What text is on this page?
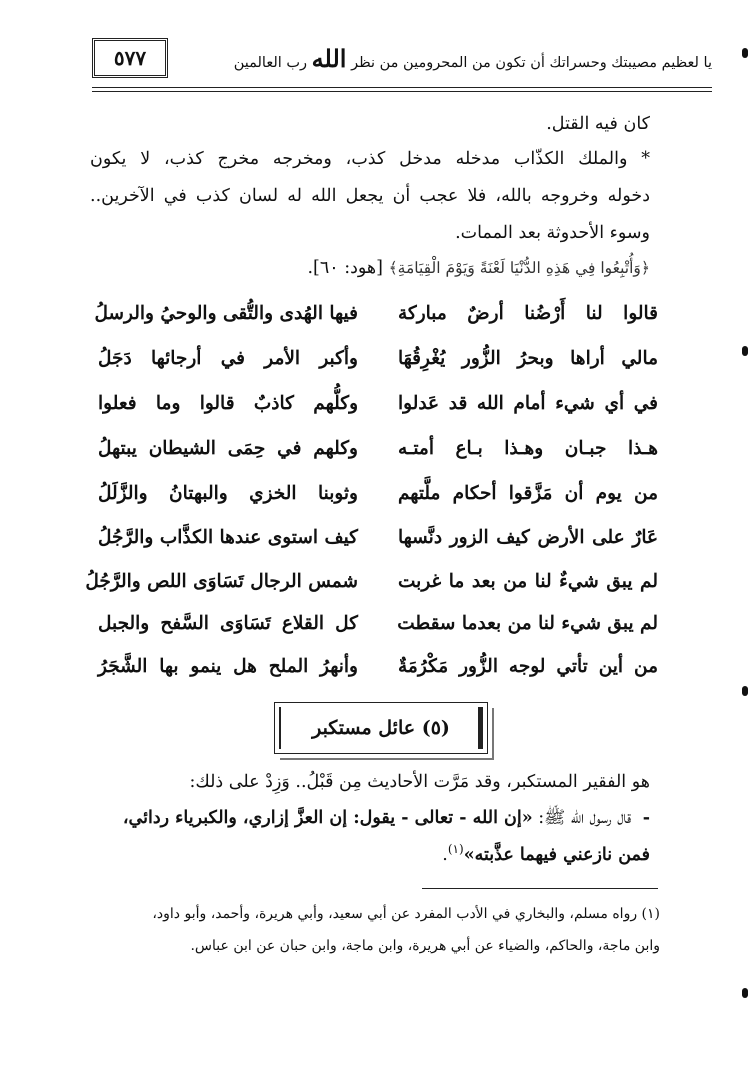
٥٧٧	يا لعظيم مصيبتك وحسراتك أن تكون من المحرومين من نظر الله رب العالمين
كان فيه القتل.
* والملك الكذّاب مدخله مدخل كذب، ومخرجه مخرج كذب، لا يكون
دخوله وخروجه بالله، فلا عجب أن يجعل الله له لسان كذب في الآخرين..
وسوء الأحدوثة بعد الممات.
﴿وَأُتْبِعُوا فِي هَذِهِ الدُّنْيَا لَعْنَةً وَيَوْمَ الْقِيَامَةِ﴾ [هود: ٦٠].
قالوا لنا أَرْضُنا أرضٌ مباركة
فيها الهُدى والتُّقى والوحيُ والرسلُ
مالي أراها وبحرُ الزُّور يُغْرِقُهَا
وأكبر الأمر في أرجائها دَجَلُ
في أي شيء أمام الله قد عَدلوا
وكلُّهم كاذبٌ قالوا وما فعلوا
هـذا جبـان وهـذا بـاع أمتـه
وكلهم في حِمَى الشيطان يبتهلُ
من يوم أن مَزَّقوا أحكام ملَّتهم
وثوبنا الخزي والبهتانُ والزَّلَلُ
عَارٌ على الأرض كيف الزور دنَّسها
كيف استوى عندها الكذَّاب والرَّجُلُ
لم يبق شيءٌ لنا من بعد ما غربت
شمس الرجال تَسَاوَى اللص والرَّجُلُ
لم يبق شيء لنا من بعدما سقطت
كل القلاع تَسَاوَى السَّفح والجبل
من أين تأتي لوجه الزُّور مَكْرُمَةٌ
وأنهرُ الملح هل ينمو بها الشَّجَرُ
(٥) عائل مستكبر
هو الفقير المستكبر، وقد مَرَّت الأحاديث مِن قَبْلُ.. وَزِدْ على ذلك:
- قال رسول الله ﷺ: «إن الله - تعالى - يقول: إن العزَّ إزاري، والكبرياء ردائي،
فمن نازعني فيهما عذَّبته»$^{(١)}$.
(١) رواه مسلم، والبخاري في الأدب المفرد عن أبي سعيد، وأبي هريرة، وأحمد، وأبو داود،
وابن ماجة، والحاكم، والضياء عن أبي هريرة، وابن ماجة، وابن حبان عن ابن عباس.
